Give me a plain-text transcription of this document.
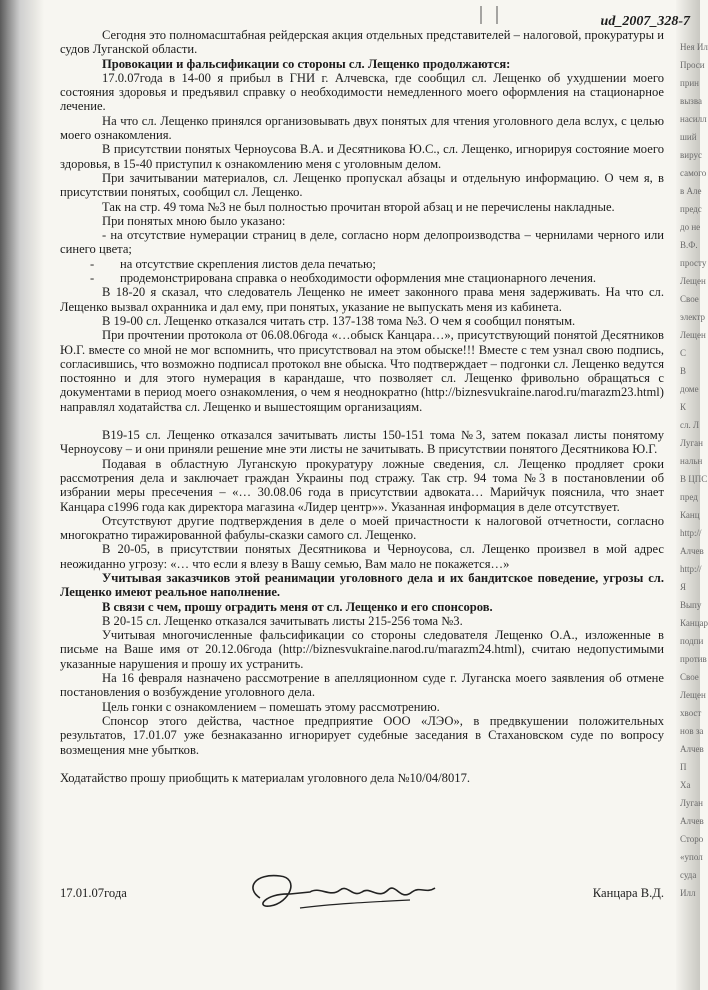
Нея Ил
Проси
прин
вызва
насилл
ший
вирус
самого
в Але
предс
до не
В.Ф.
просту
Лещен
Свое
электр
Лещен
С
В
доме
К
сл. Л
Луган
нальн
В ЦПС
пред
Канц
http://
Алчев
http://
Я
Выпу
Канцар
подпи
против
Свое
Лещен
хвост
нов за
Алчев
П
Ха
Луган
Алчев
Сторо
«упол
суда
Илл
ud_2007_328-7

Сегодня это полномасштабная рейдерская акция отдельных представителей – налоговой, прокуратуры и судов Луганской области.

Провокации и фальсификации со стороны сл. Лещенко продолжаются:

17.0.07года в 14-00 я прибыл в ГНИ г. Алчевска, где сообщил сл. Лещенко об ухудшении моего состояния здоровья и предъявил справку о необходимости немедленного моего оформления на стационарное лечение.

На что сл. Лещенко принялся организовывать двух понятых для чтения уголовного дела вслух, с целью моего ознакомления.

В присутствии понятых Черноусова В.А. и Десятникова Ю.С., сл. Лещенко, игнорируя состояние моего здоровья, в 15-40 приступил к ознакомлению меня с уголовным делом.

При зачитывании материалов, сл. Лещенко пропускал абзацы и отдельную информацию. О чем я, в присутствии понятых, сообщил сл. Лещенко.

Так на стр. 49 тома №3 не был полностью прочитан второй абзац и не перечислены накладные.

При понятых мною было указано:

- на отсутствие нумерации страниц в деле, согласно норм делопроизводства – чернилами черного или синего цвета;

- на отсутствие скрепления листов дела печатью;

- продемонстрирована справка о необходимости оформления мне стационарного лечения.

В 18-20 я сказал, что следователь Лещенко не имеет законного права меня задерживать. На что сл. Лещенко вызвал охранника и дал ему, при понятых, указание не выпускать меня из кабинета.

В 19-00 сл. Лещенко отказался читать стр. 137-138 тома №3. О чем я сообщил понятым.

При прочтении протокола от 06.08.06года «…обыск Канцара…», присутствующий понятой Десятников Ю.Г. вместе со мной не мог вспомнить, что присутствовал на этом обыске!!! Вместе с тем узнал свою подпись, согласившись, что возможно подписал протокол вне обыска. Что подтверждает – подгонки сл. Лещенко ведутся постоянно и для этого нумерация в карандаше, что позволяет сл. Лещенко фривольно обращаться с документами в период моего ознакомления, о чем я неоднократно (http://biznesvukraine.narod.ru/marazm23.html) направлял ходатайства сл. Лещенко и вышестоящим организациям.

В19-15 сл. Лещенко отказался зачитывать листы 150-151 тома №3, затем показал листы понятому Черноусову – и они приняли решение мне эти листы не зачитывать. В присутствии понятого Десятникова Ю.Г.

Подавая в областную Луганскую прокуратуру ложные сведения, сл. Лещенко продляет сроки рассмотрения дела и заключает граждан Украины под стражу. Так стр. 94 тома №3 в постановлении об избрании меры пресечения – «… 30.08.06 года в присутствии адвоката… Марийчук пояснила, что знает Канцара с1996 года как директора магазина «Лидер центр»». Указанная информация в деле отсутствует.

Отсутствуют другие подтверждения в деле о моей причастности к налоговой отчетности, согласно многократно тиражированной фабулы-сказки самого сл. Лещенко.

В 20-05, в присутствии понятых Десятникова и Черноусова, сл. Лещенко произвел в мой адрес неожиданно угрозу: «… что если я влезу в Вашу семью, Вам мало не покажется…»

Учитывая заказчиков этой реанимации уголовного дела и их бандитское поведение, угрозы сл. Лещенко имеют реальное наполнение.

В связи с чем, прошу оградить меня от сл. Лещенко и его спонсоров.

В 20-15 сл. Лещенко отказался зачитывать листы 215-256 тома №3.

Учитывая многочисленные фальсификации со стороны следователя Лещенко О.А., изложенные в письме на Ваше имя от 20.12.06года (http://biznesvukraine.narod.ru/marazm24.html), считаю недопустимыми указанные нарушения и прошу их устранить.

На 16 февраля назначено рассмотрение в апелляционном суде г. Луганска моего заявления об отмене постановления о возбуждение уголовного дела.

Цель гонки с ознакомлением – помешать этому рассмотрению.

Спонсор этого действа, частное предприятие ООО «ЛЭО», в предвкушении положительных результатов, 17.01.07 уже безнаказанно игнорирует судебные заседания в Стахановском суде по вопросу возмещения мне убытков.

Ходатайство прошу приобщить к материалам уголовного дела №10/04/8017.

17.01.07года	Канцара В.Д.
